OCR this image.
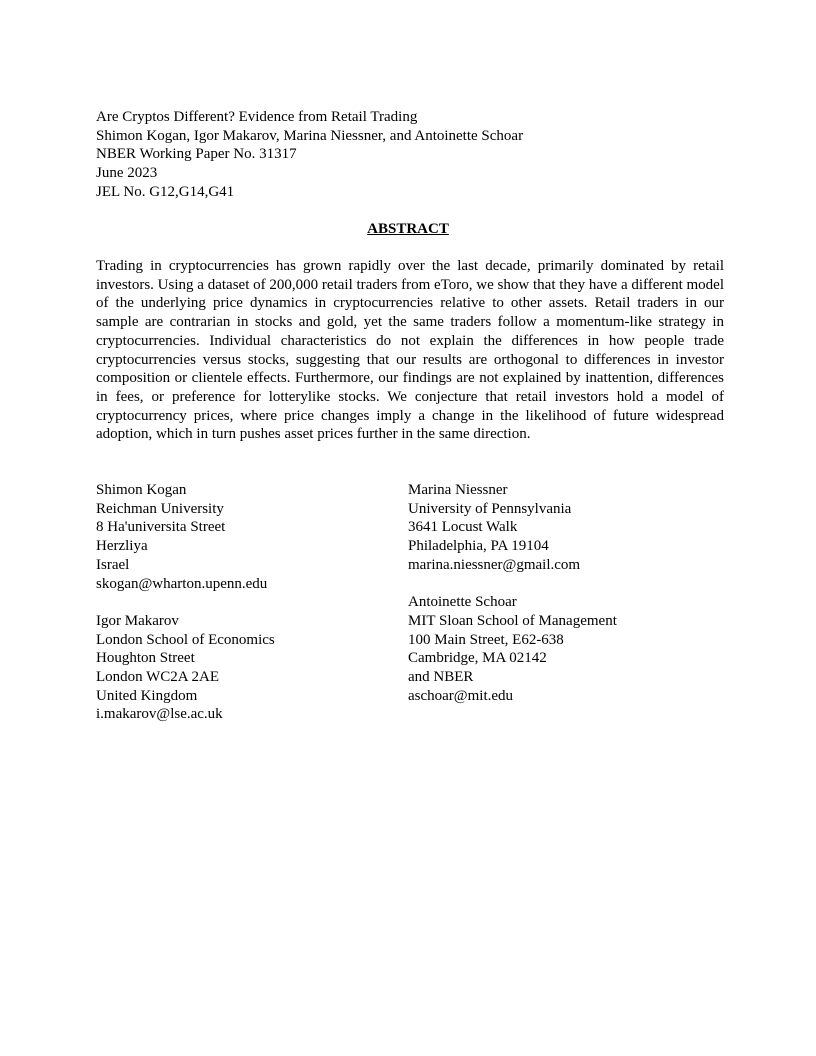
Are Cryptos Different? Evidence from Retail Trading
Shimon Kogan, Igor Makarov, Marina Niessner, and Antoinette Schoar
NBER Working Paper No. 31317
June 2023
JEL No. G12,G14,G41
ABSTRACT

Trading in cryptocurrencies has grown rapidly over the last decade, primarily dominated by retail investors. Using a dataset of 200,000 retail traders from eToro, we show that they have a different model of the underlying price dynamics in cryptocurrencies relative to other assets. Retail traders in our sample are contrarian in stocks and gold, yet the same traders follow a momentum-like strategy in cryptocurrencies. Individual characteristics do not explain the differences in how people trade cryptocurrencies versus stocks, suggesting that our results are orthogonal to differences in investor composition or clientele effects. Furthermore, our findings are not explained by inattention, differences in fees, or preference for lotterylike stocks. We conjecture that retail investors hold a model of cryptocurrency prices, where price changes imply a change in the likelihood of future widespread adoption, which in turn pushes asset prices further in the same direction.

Shimon Kogan
Reichman University
8 Ha'universita Street
Herzliya
Israel
skogan@wharton.upenn.edu
Igor Makarov
London School of Economics
Houghton Street
London WC2A 2AE
United Kingdom
i.makarov@lse.ac.uk
Marina Niessner
University of Pennsylvania
3641 Locust Walk
Philadelphia, PA 19104
marina.niessner@gmail.com
Antoinette Schoar
MIT Sloan School of Management
100 Main Street, E62-638
Cambridge, MA 02142
and NBER
aschoar@mit.edu
